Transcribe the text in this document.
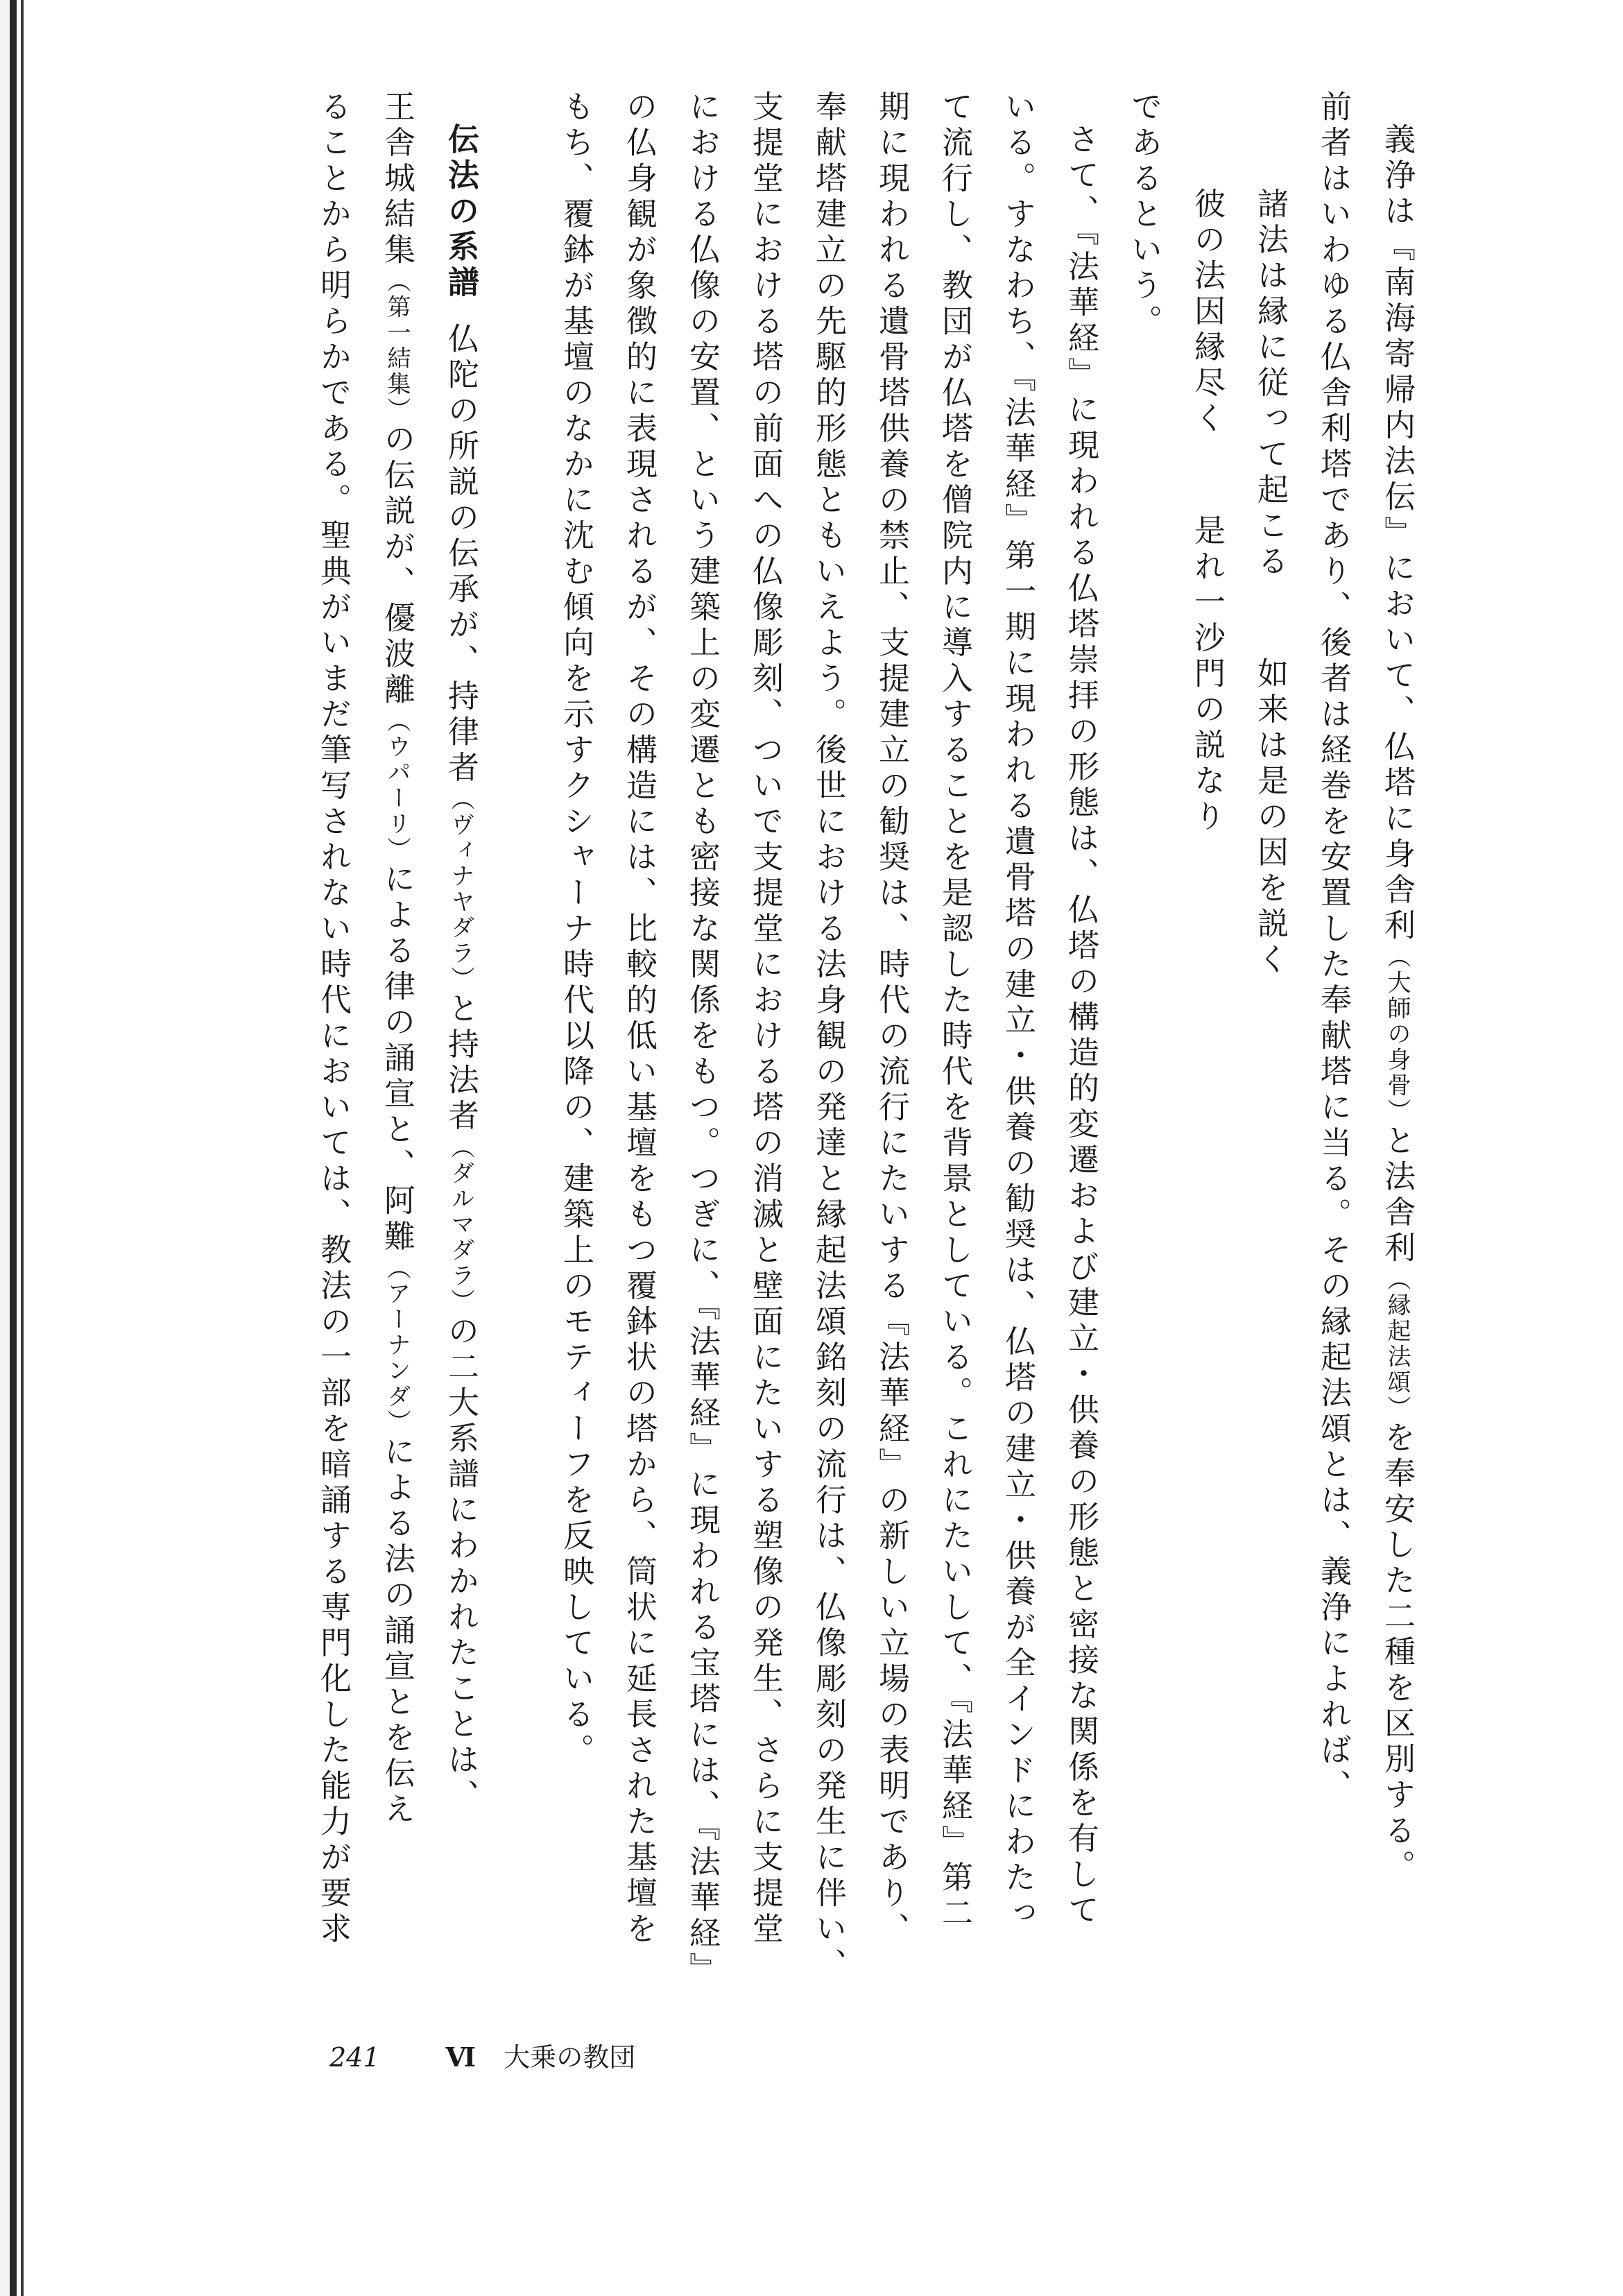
義浄は『南海寄帰内法伝』において、仏塔に身舎利（大師の身骨）と法舎利（縁起法頌）を奉安した二種を区別する。
前者はいわゆる仏舎利塔であり、後者は経巻を安置した奉献塔に当る。その縁起法頌とは、義浄によれば、
諸法は縁に従って起こる如来は是の因を説く
彼の法因縁尽く是れ一沙門の説なり
であるという。
さて、『法華経』に現われる仏塔崇拝の形態は、仏塔の構造的変遷および建立・供養の形態と密接な関係を有して
いる。すなわち、『法華経』第一期に現われる遺骨塔の建立・供養の勧奨は、仏塔の建立・供養が全インドにわたっ
て流行し、教団が仏塔を僧院内に導入することを是認した時代を背景としている。これにたいして、『法華経』第二
期に現われる遺骨塔供養の禁止、支提建立の勧奨は、時代の流行にたいする『法華経』の新しい立場の表明であり、
奉献塔建立の先駆的形態ともいえよう。後世における法身観の発達と縁起法頌銘刻の流行は、仏像彫刻の発生に伴い、
支提堂における塔の前面への仏像彫刻、ついで支提堂における塔の消滅と壁面にたいする塑像の発生、さらに支提堂
における仏像の安置、という建築上の変遷とも密接な関係をもつ。つぎに、『法華経』に現われる宝塔には、『法華経』
の仏身観が象徴的に表現されるが、その構造には、比較的低い基壇をもつ覆鉢状の塔から、筒状に延長された基壇を
もち、覆鉢が基壇のなかに沈む傾向を示すクシャーナ時代以降の、建築上のモティーフを反映している。
伝法の系譜仏陀の所説の伝承が、持律者（ヴィナヤダラ）と持法者（ダルマダラ）の二大系譜にわかれたことは、
王舎城結集（第一結集）の伝説が、優波離（ウパーリ）による律の誦宣と、阿難（アーナンダ）による法の誦宣とを伝え
ることから明らかである。聖典がいまだ筆写されない時代においては、教法の一部を暗誦する専門化した能力が要求
241	Ⅵ 大乗の教団
